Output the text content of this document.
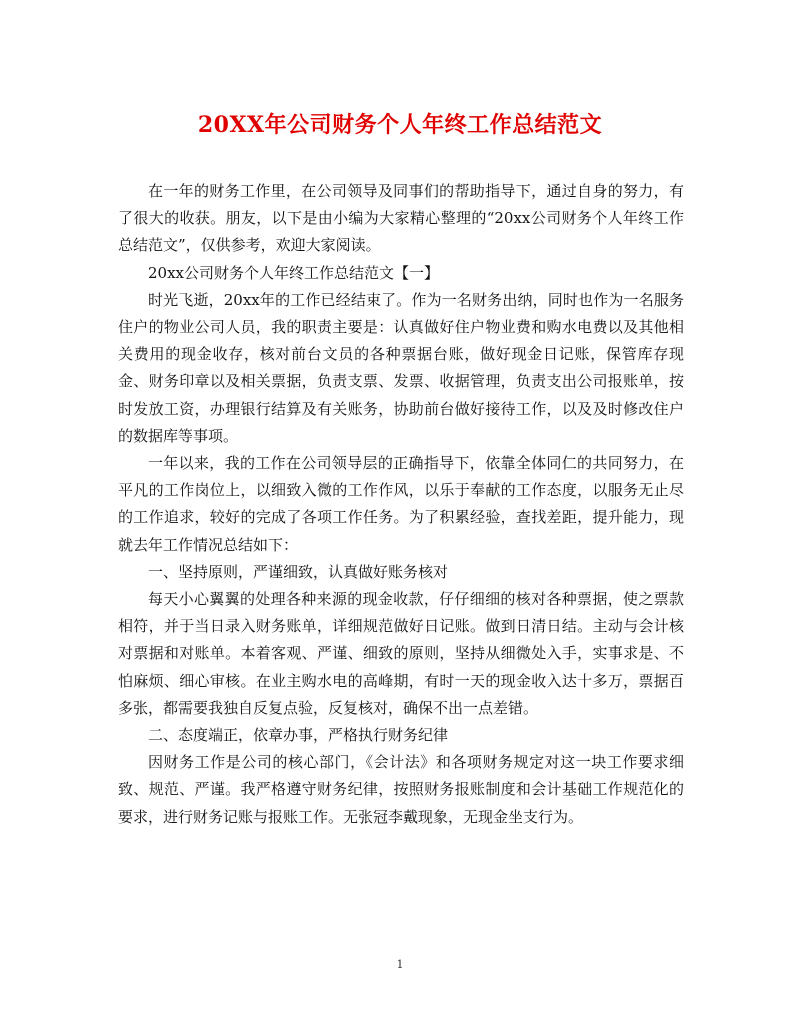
20XX年公司财务个人年终工作总结范文

在一年的财务工作里，在公司领导及同事们的帮助指导下，通过自身的努力，有了很大的收获。朋友，以下是由小编为大家精心整理的“20xx公司财务个人年终工作总结范文”，仅供参考，欢迎大家阅读。

20xx公司财务个人年终工作总结范文【一】

时光飞逝，20xx年的工作已经结束了。作为一名财务出纳，同时也作为一名服务住户的物业公司人员，我的职责主要是：认真做好住户物业费和购水电费以及其他相关费用的现金收存，核对前台文员的各种票据台账，做好现金日记账，保管库存现金、财务印章以及相关票据，负责支票、发票、收据管理，负责支出公司报账单，按时发放工资，办理银行结算及有关账务，协助前台做好接待工作，以及及时修改住户的数据库等事项。

一年以来，我的工作在公司领导层的正确指导下，依靠全体同仁的共同努力，在平凡的工作岗位上，以细致入微的工作作风，以乐于奉献的工作态度，以服务无止尽的工作追求，较好的完成了各项工作任务。为了积累经验，查找差距，提升能力，现就去年工作情况总结如下：

一、坚持原则，严谨细致，认真做好账务核对

每天小心翼翼的处理各种来源的现金收款，仔仔细细的核对各种票据，使之票款相符，并于当日录入财务账单，详细规范做好日记账。做到日清日结。主动与会计核对票据和对账单。本着客观、严谨、细致的原则，坚持从细微处入手，实事求是、不怕麻烦、细心审核。在业主购水电的高峰期，有时一天的现金收入达十多万，票据百多张，都需要我独自反复点验，反复核对，确保不出一点差错。

二、态度端正，依章办事，严格执行财务纪律

因财务工作是公司的核心部门，《会计法》和各项财务规定对这一块工作要求细致、规范、严谨。我严格遵守财务纪律，按照财务报账制度和会计基础工作规范化的要求，进行财务记账与报账工作。无张冠李戴现象，无现金坐支行为。

1
